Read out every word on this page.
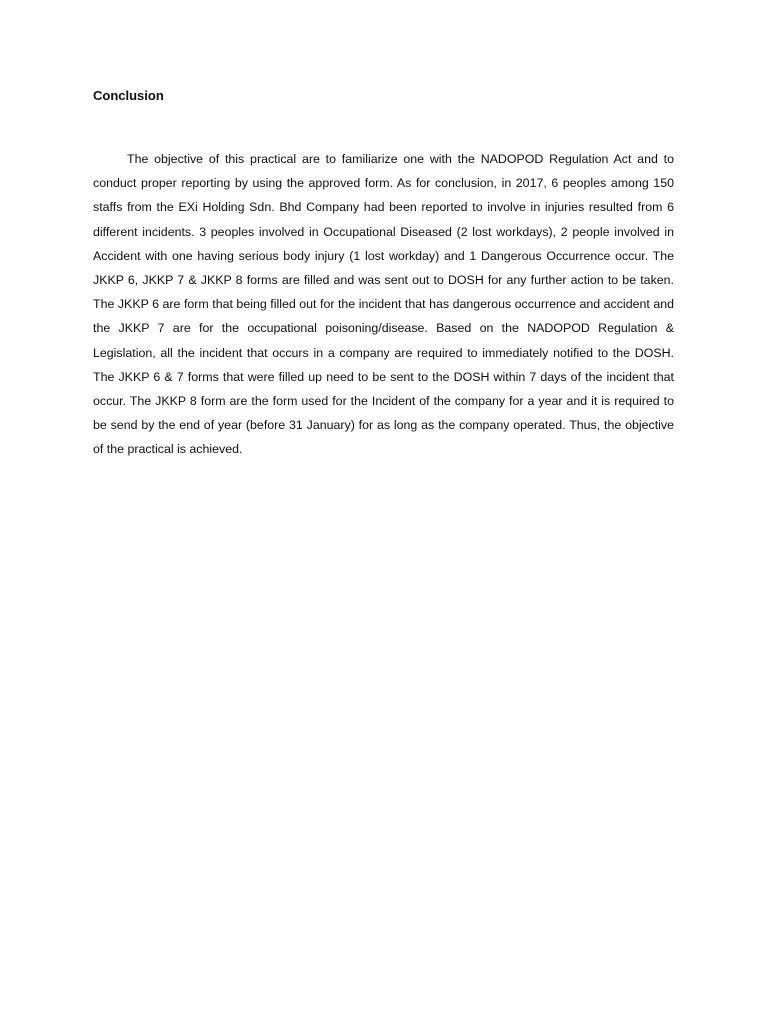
Conclusion

The objective of this practical are to familiarize one with the NADOPOD Regulation Act and to conduct proper reporting by using the approved form. As for conclusion, in 2017, 6 peoples among 150 staffs from the EXi Holding Sdn. Bhd Company had been reported to involve in injuries resulted from 6 different incidents. 3 peoples involved in Occupational Diseased (2 lost workdays), 2 people involved in Accident with one having serious body injury (1 lost workday) and 1 Dangerous Occurrence occur. The JKKP 6, JKKP 7 & JKKP 8 forms are filled and was sent out to DOSH for any further action to be taken. The JKKP 6 are form that being filled out for the incident that has dangerous occurrence and accident and the JKKP 7 are for the occupational poisoning/disease. Based on the NADOPOD Regulation & Legislation, all the incident that occurs in a company are required to immediately notified to the DOSH. The JKKP 6 & 7 forms that were filled up need to be sent to the DOSH within 7 days of the incident that occur. The JKKP 8 form are the form used for the Incident of the company for a year and it is required to be send by the end of year (before 31 January) for as long as the company operated. Thus, the objective of the practical is achieved.
